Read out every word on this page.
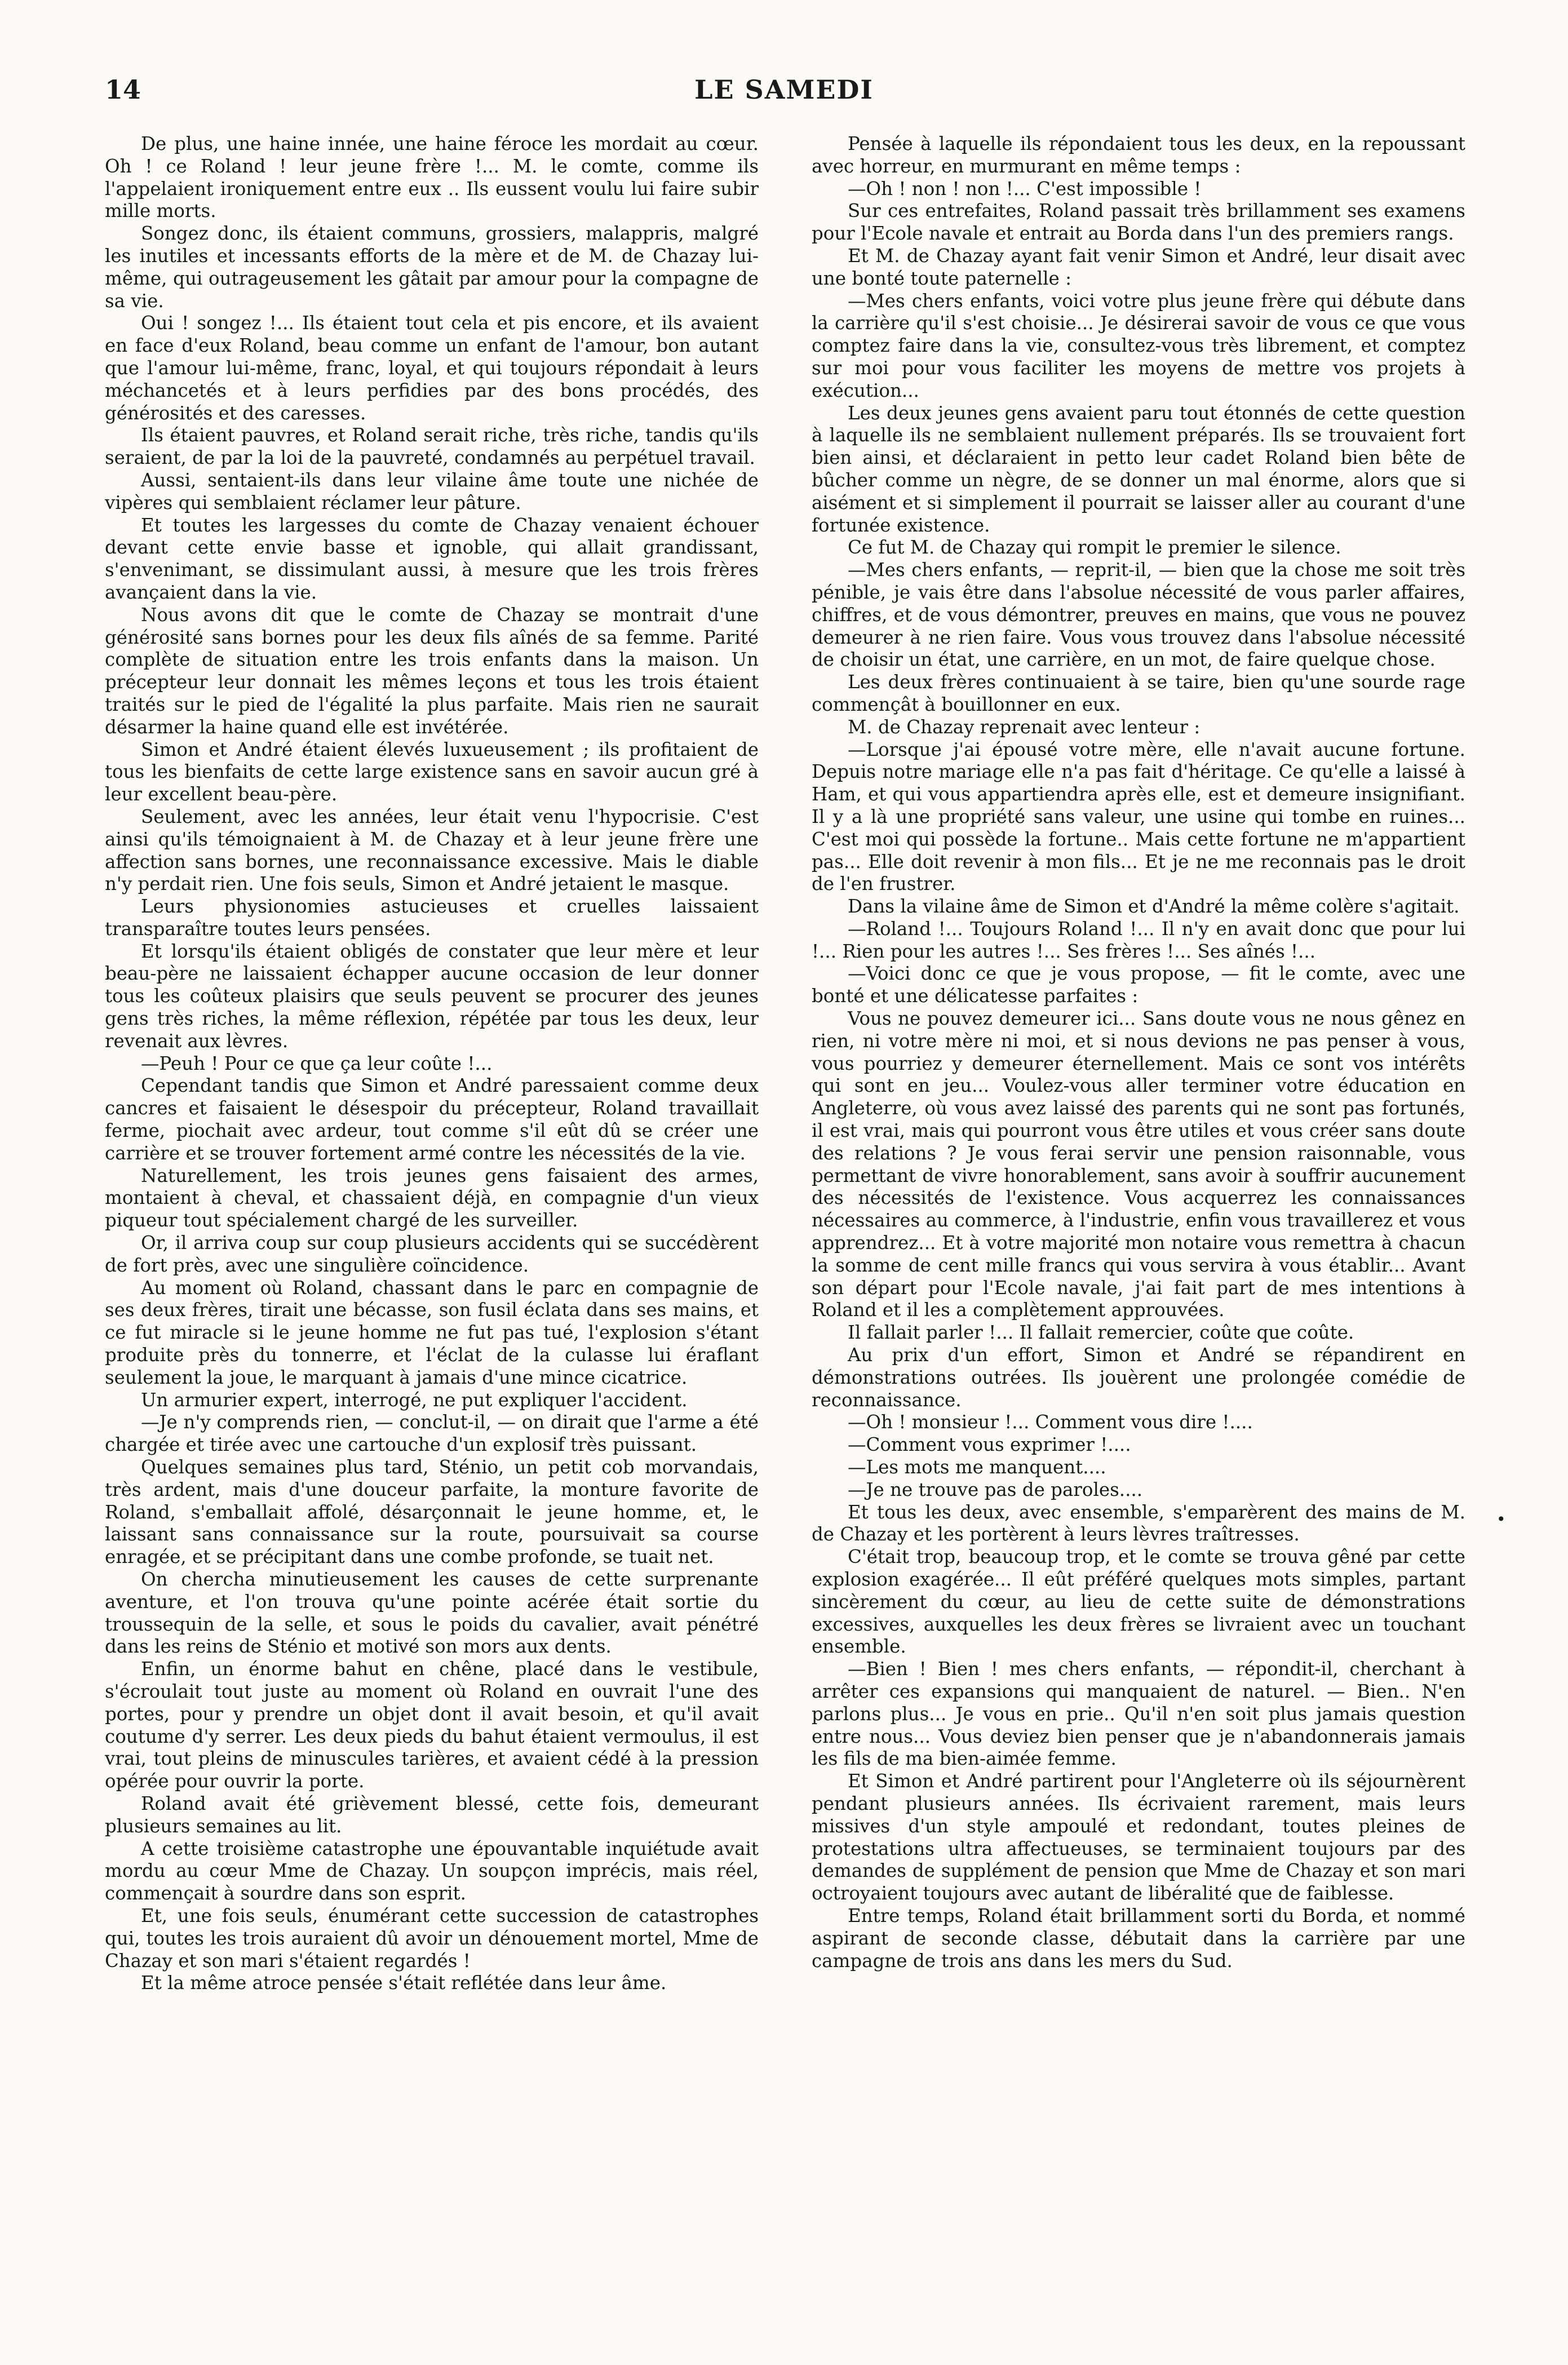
14	LE SAMEDI

De plus, une haine innée, une haine féroce les mordait au cœur. Oh ! ce Roland ! leur jeune frère !... M. le comte, comme ils l'appelaient ironiquement entre eux .. Ils eussent voulu lui faire subir mille morts.

Songez donc, ils étaient communs, grossiers, malappris, malgré les inutiles et incessants efforts de la mère et de M. de Chazay lui-même, qui outrageusement les gâtait par amour pour la compagne de sa vie.

Oui ! songez !... Ils étaient tout cela et pis encore, et ils avaient en face d'eux Roland, beau comme un enfant de l'amour, bon autant que l'amour lui-même, franc, loyal, et qui toujours répondait à leurs méchancetés et à leurs perfidies par des bons procédés, des générosités et des caresses.

Ils étaient pauvres, et Roland serait riche, très riche, tandis qu'ils seraient, de par la loi de la pauvreté, condamnés au perpétuel travail.

Aussi, sentaient-ils dans leur vilaine âme toute une nichée de vipères qui semblaient réclamer leur pâture.

Et toutes les largesses du comte de Chazay venaient échouer devant cette envie basse et ignoble, qui allait grandissant, s'envenimant, se dissimulant aussi, à mesure que les trois frères avançaient dans la vie.

Nous avons dit que le comte de Chazay se montrait d'une générosité sans bornes pour les deux fils aînés de sa femme. Parité complète de situation entre les trois enfants dans la maison. Un précepteur leur donnait les mêmes leçons et tous les trois étaient traités sur le pied de l'égalité la plus parfaite. Mais rien ne saurait désarmer la haine quand elle est invétérée.

Simon et André étaient élevés luxueusement ; ils profitaient de tous les bienfaits de cette large existence sans en savoir aucun gré à leur excellent beau-père.

Seulement, avec les années, leur était venu l'hypocrisie. C'est ainsi qu'ils témoignaient à M. de Chazay et à leur jeune frère une affection sans bornes, une reconnaissance excessive. Mais le diable n'y perdait rien. Une fois seuls, Simon et André jetaient le masque.

Leurs physionomies astucieuses et cruelles laissaient transparaître toutes leurs pensées.

Et lorsqu'ils étaient obligés de constater que leur mère et leur beau-père ne laissaient échapper aucune occasion de leur donner tous les coûteux plaisirs que seuls peuvent se procurer des jeunes gens très riches, la même réflexion, répétée par tous les deux, leur revenait aux lèvres.

—Peuh ! Pour ce que ça leur coûte !...

Cependant tandis que Simon et André paressaient comme deux cancres et faisaient le désespoir du précepteur, Roland travaillait ferme, piochait avec ardeur, tout comme s'il eût dû se créer une carrière et se trouver fortement armé contre les nécessités de la vie.

Naturellement, les trois jeunes gens faisaient des armes, montaient à cheval, et chassaient déjà, en compagnie d'un vieux piqueur tout spécialement chargé de les surveiller.

Or, il arriva coup sur coup plusieurs accidents qui se succédèrent de fort près, avec une singulière coïncidence.

Au moment où Roland, chassant dans le parc en compagnie de ses deux frères, tirait une bécasse, son fusil éclata dans ses mains, et ce fut miracle si le jeune homme ne fut pas tué, l'explosion s'étant produite près du tonnerre, et l'éclat de la culasse lui éraflant seulement la joue, le marquant à jamais d'une mince cicatrice.

Un armurier expert, interrogé, ne put expliquer l'accident.

—Je n'y comprends rien, — conclut-il, — on dirait que l'arme a été chargée et tirée avec une cartouche d'un explosif très puissant.

Quelques semaines plus tard, Sténio, un petit cob morvandais, très ardent, mais d'une douceur parfaite, la monture favorite de Roland, s'emballait affolé, désarçonnait le jeune homme, et, le laissant sans connaissance sur la route, poursuivait sa course enragée, et se précipitant dans une combe profonde, se tuait net.

On chercha minutieusement les causes de cette surprenante aventure, et l'on trouva qu'une pointe acérée était sortie du troussequin de la selle, et sous le poids du cavalier, avait pénétré dans les reins de Sténio et motivé son mors aux dents.

Enfin, un énorme bahut en chêne, placé dans le vestibule, s'écroulait tout juste au moment où Roland en ouvrait l'une des portes, pour y prendre un objet dont il avait besoin, et qu'il avait coutume d'y serrer. Les deux pieds du bahut étaient vermoulus, il est vrai, tout pleins de minuscules tarières, et avaient cédé à la pression opérée pour ouvrir la porte.

Roland avait été grièvement blessé, cette fois, demeurant plusieurs semaines au lit.

A cette troisième catastrophe une épouvantable inquiétude avait mordu au cœur Mme de Chazay. Un soupçon imprécis, mais réel, commençait à sourdre dans son esprit.

Et, une fois seuls, énumérant cette succession de catastrophes qui, toutes les trois auraient dû avoir un dénouement mortel, Mme de Chazay et son mari s'étaient regardés !

Et la même atroce pensée s'était reflétée dans leur âme.

Pensée à laquelle ils répondaient tous les deux, en la repoussant avec horreur, en murmurant en même temps :

—Oh ! non ! non !... C'est impossible !

Sur ces entrefaites, Roland passait très brillamment ses examens pour l'Ecole navale et entrait au Borda dans l'un des premiers rangs.

Et M. de Chazay ayant fait venir Simon et André, leur disait avec une bonté toute paternelle :

—Mes chers enfants, voici votre plus jeune frère qui débute dans la carrière qu'il s'est choisie... Je désirerai savoir de vous ce que vous comptez faire dans la vie, consultez-vous très librement, et comptez sur moi pour vous faciliter les moyens de mettre vos projets à exécution...

Les deux jeunes gens avaient paru tout étonnés de cette question à laquelle ils ne semblaient nullement préparés. Ils se trouvaient fort bien ainsi, et déclaraient in petto leur cadet Roland bien bête de bûcher comme un nègre, de se donner un mal énorme, alors que si aisément et si simplement il pourrait se laisser aller au courant d'une fortunée existence.

Ce fut M. de Chazay qui rompit le premier le silence.

—Mes chers enfants, — reprit-il, — bien que la chose me soit très pénible, je vais être dans l'absolue nécessité de vous parler affaires, chiffres, et de vous démontrer, preuves en mains, que vous ne pouvez demeurer à ne rien faire. Vous vous trouvez dans l'absolue nécessité de choisir un état, une carrière, en un mot, de faire quelque chose.

Les deux frères continuaient à se taire, bien qu'une sourde rage commençât à bouillonner en eux.

M. de Chazay reprenait avec lenteur :

—Lorsque j'ai épousé votre mère, elle n'avait aucune fortune. Depuis notre mariage elle n'a pas fait d'héritage. Ce qu'elle a laissé à Ham, et qui vous appartiendra après elle, est et demeure insignifiant. Il y a là une propriété sans valeur, une usine qui tombe en ruines... C'est moi qui possède la fortune.. Mais cette fortune ne m'appartient pas... Elle doit revenir à mon fils... Et je ne me reconnais pas le droit de l'en frustrer.

Dans la vilaine âme de Simon et d'André la même colère s'agitait.

—Roland !... Toujours Roland !... Il n'y en avait donc que pour lui !... Rien pour les autres !... Ses frères !... Ses aînés !...

—Voici donc ce que je vous propose, — fit le comte, avec une bonté et une délicatesse parfaites :

Vous ne pouvez demeurer ici... Sans doute vous ne nous gênez en rien, ni votre mère ni moi, et si nous devions ne pas penser à vous, vous pourriez y demeurer éternellement. Mais ce sont vos intérêts qui sont en jeu... Voulez-vous aller terminer votre éducation en Angleterre, où vous avez laissé des parents qui ne sont pas fortunés, il est vrai, mais qui pourront vous être utiles et vous créer sans doute des relations ? Je vous ferai servir une pension raisonnable, vous permettant de vivre honorablement, sans avoir à souffrir aucunement des nécessités de l'existence. Vous acquerrez les connaissances nécessaires au commerce, à l'industrie, enfin vous travaillerez et vous apprendrez... Et à votre majorité mon notaire vous remettra à chacun la somme de cent mille francs qui vous servira à vous établir... Avant son départ pour l'Ecole navale, j'ai fait part de mes intentions à Roland et il les a complètement approuvées.

Il fallait parler !... Il fallait remercier, coûte que coûte.

Au prix d'un effort, Simon et André se répandirent en démonstrations outrées. Ils jouèrent une prolongée comédie de reconnaissance.

—Oh ! monsieur !... Comment vous dire !....

—Comment vous exprimer !....

—Les mots me manquent....

—Je ne trouve pas de paroles....

Et tous les deux, avec ensemble, s'emparèrent des mains de M. de Chazay et les portèrent à leurs lèvres traîtresses.

C'était trop, beaucoup trop, et le comte se trouva gêné par cette explosion exagérée... Il eût préféré quelques mots simples, partant sincèrement du cœur, au lieu de cette suite de démonstrations excessives, auxquelles les deux frères se livraient avec un touchant ensemble.

—Bien ! Bien ! mes chers enfants, — répondit-il, cherchant à arrêter ces expansions qui manquaient de naturel. — Bien.. N'en parlons plus... Je vous en prie.. Qu'il n'en soit plus jamais question entre nous... Vous deviez bien penser que je n'abandonnerais jamais les fils de ma bien-aimée femme.

Et Simon et André partirent pour l'Angleterre où ils séjournèrent pendant plusieurs années. Ils écrivaient rarement, mais leurs missives d'un style ampoulé et redondant, toutes pleines de protestations ultra affectueuses, se terminaient toujours par des demandes de supplément de pension que Mme de Chazay et son mari octroyaient toujours avec autant de libéralité que de faiblesse.

Entre temps, Roland était brillamment sorti du Borda, et nommé aspirant de seconde classe, débutait dans la carrière par une campagne de trois ans dans les mers du Sud.

•
